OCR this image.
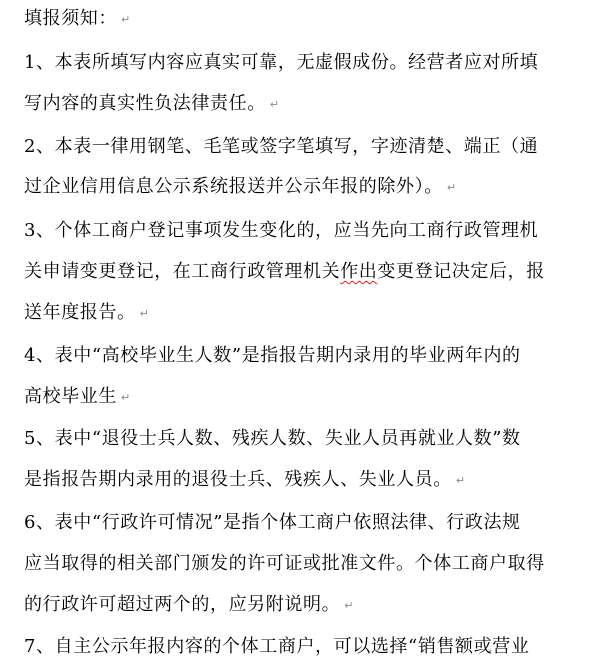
填报须知： ↵
1、本表所填写内容应真实可靠，无虚假成份。经营者应对所填
写内容的真实性负法律责任。 ↵
2、本表一律用钢笔、毛笔或签字笔填写，字迹清楚、端正（通
过企业信用信息公示系统报送并公示年报的除外）。 ↵
3、个体工商户登记事项发生变化的，应当先向工商行政管理机
关申请变更登记，在工商行政管理机关作出变更登记决定后，报
送年度报告。 ↵
4、表中“高校毕业生人数”是指报告期内录用的毕业两年内的
高校毕业生 ↵
5、表中“退役士兵人数、残疾人数、失业人员再就业人数”数
是指报告期内录用的退役士兵、残疾人、失业人员。 ↵
6、表中“行政许可情况”是指个体工商户依照法律、行政法规
应当取得的相关部门颁发的许可证或批准文件。个体工商户取得
的行政许可超过两个的，应另附说明。 ↵
7、自主公示年报内容的个体工商户，可以选择“销售额或营业
